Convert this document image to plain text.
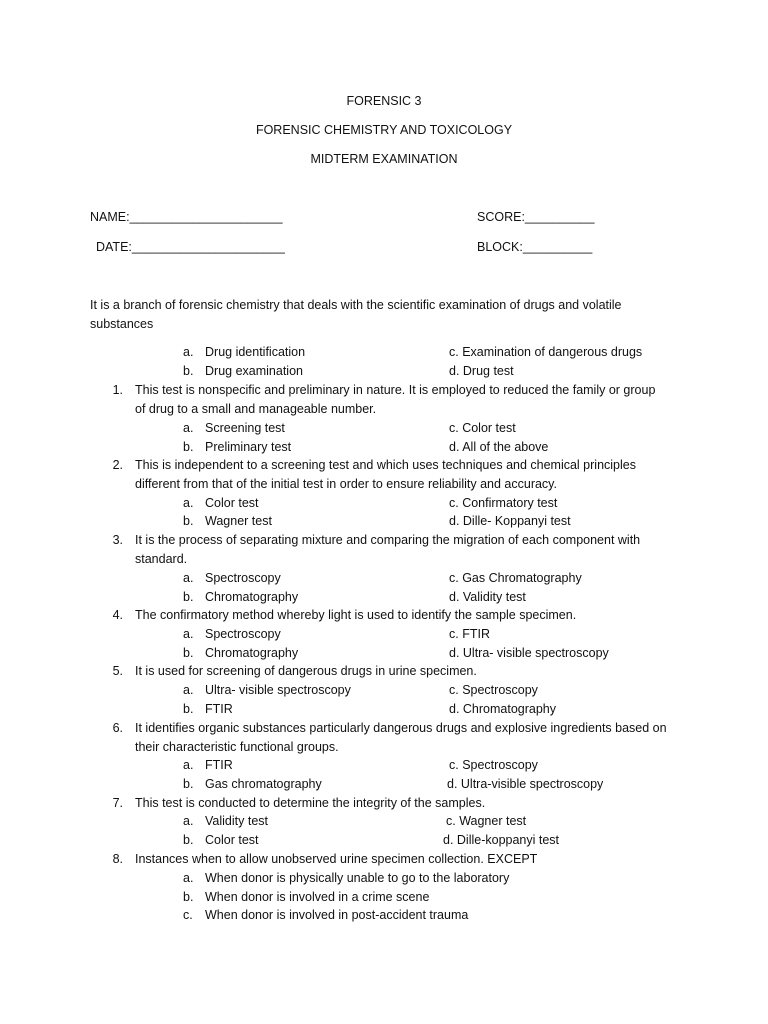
FORENSIC 3
FORENSIC CHEMISTRY AND TOXICOLOGY
MIDTERM EXAMINATION
NAME:______________________	SCORE:__________
DATE:______________________	BLOCK:__________
It is a branch of forensic chemistry that deals with the scientific examination of drugs and volatile
substances
a. Drug identification	c. Examination of dangerous drugs
b. Drug examination	d. Drug test
1. This test is nonspecific and preliminary in nature. It is employed to reduced the family or group
of drug to a small and manageable number.
a. Screening test	c. Color test
b. Preliminary test	d. All of the above
2. This is independent to a screening test and which uses techniques and chemical principles
different from that of the initial test in order to ensure reliability and accuracy.
a. Color test	c. Confirmatory test
b. Wagner test	d. Dille- Koppanyi test
3. It is the process of separating mixture and comparing the migration of each component with
standard.
a. Spectroscopy	c. Gas Chromatography
b. Chromatography	d. Validity test
4. The confirmatory method whereby light is used to identify the sample specimen.
a. Spectroscopy	c. FTIR
b. Chromatography	d. Ultra- visible spectroscopy
5. It is used for screening of dangerous drugs in urine specimen.
a. Ultra- visible spectroscopy	c. Spectroscopy
b. FTIR	d. Chromatography
6. It identifies organic substances particularly dangerous drugs and explosive ingredients based on
their characteristic functional groups.
a. FTIR	c. Spectroscopy
b. Gas chromatography	d. Ultra-visible spectroscopy
7. This test is conducted to determine the integrity of the samples.
a. Validity test	c. Wagner test
b. Color test	d. Dille-koppanyi test
8. Instances when to allow unobserved urine specimen collection. EXCEPT
a. When donor is physically unable to go to the laboratory
b. When donor is involved in a crime scene
c. When donor is involved in post-accident trauma
